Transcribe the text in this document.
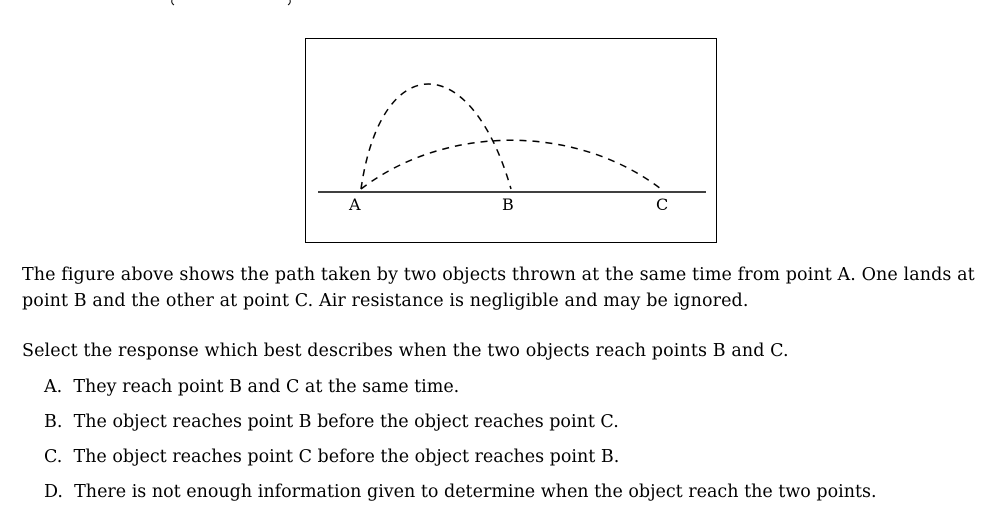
A	B	C
The figure above shows the path taken by two objects thrown at the same time from point A. One lands at
point B and the other at point C. Air resistance is negligible and may be ignored.
Select the response which best describes when the two objects reach points B and C.
A.  They reach point B and C at the same time.
B.  The object reaches point B before the object reaches point C.
C.  The object reaches point C before the object reaches point B.
D.  There is not enough information given to determine when the object reach the two points.
